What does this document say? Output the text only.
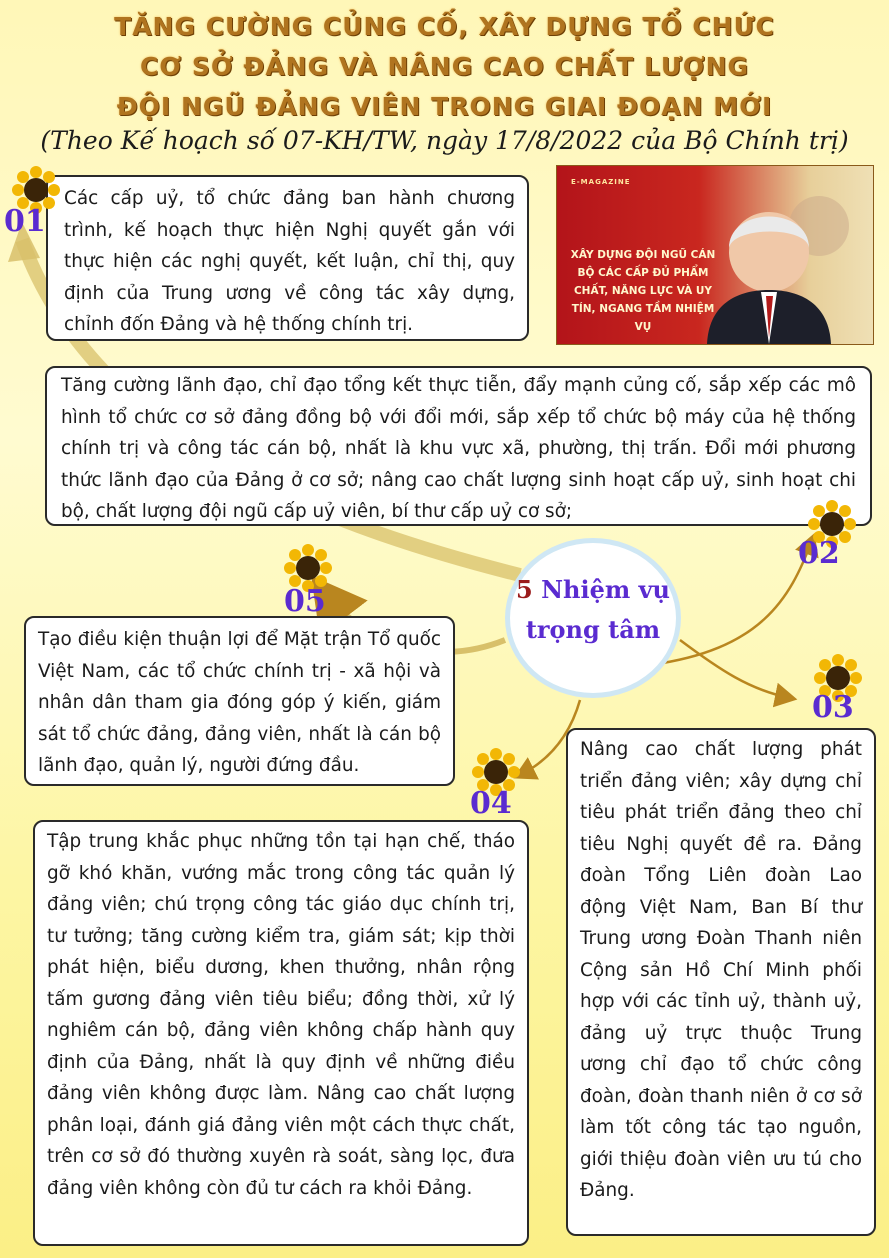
TĂNG CƯỜNG CỦNG CỐ, XÂY DỰNG TỔ CHỨC
CƠ SỞ ĐẢNG VÀ NÂNG CAO CHẤT LƯỢNG
ĐỘI NGŨ ĐẢNG VIÊN TRONG GIAI ĐOẠN MỚI
(Theo Kế hoạch số 07-KH/TW, ngày 17/8/2022 của Bộ Chính trị)
E-MAGAZINE
XÂY DỰNG ĐỘI NGŨ CÁN BỘ CÁC CẤP ĐỦ PHẨM CHẤT, NĂNG LỰC VÀ UY TÍN, NGANG TẦM NHIỆM VỤ
Các cấp uỷ, tổ chức đảng ban hành chương trình, kế hoạch thực hiện Nghị quyết gắn với thực hiện các nghị quyết, kết luận, chỉ thị, quy định của Trung ương về công tác xây dựng, chỉnh đốn Đảng và hệ thống chính trị.
Tăng cường lãnh đạo, chỉ đạo tổng kết thực tiễn, đẩy mạnh củng cố, sắp xếp các mô hình tổ chức cơ sở đảng đồng bộ với đổi mới, sắp xếp tổ chức bộ máy của hệ thống chính trị và công tác cán bộ, nhất là khu vực xã, phường, thị trấn. Đổi mới phương thức lãnh đạo của Đảng ở cơ sở; nâng cao chất lượng sinh hoạt cấp uỷ, sinh hoạt chi bộ, chất lượng đội ngũ cấp uỷ viên, bí thư cấp uỷ cơ sở;
Tạo điều kiện thuận lợi để Mặt trận Tổ quốc Việt Nam, các tổ chức chính trị - xã hội và nhân dân tham gia đóng góp ý kiến, giám sát tổ chức đảng, đảng viên, nhất là cán bộ lãnh đạo, quản lý, người đứng đầu.
Nâng cao chất lượng phát triển đảng viên; xây dựng chỉ tiêu phát triển đảng theo chỉ tiêu Nghị quyết đề ra. Đảng đoàn Tổng Liên đoàn Lao động Việt Nam, Ban Bí thư Trung ương Đoàn Thanh niên Cộng sản Hồ Chí Minh phối hợp với các tỉnh uỷ, thành uỷ, đảng uỷ trực thuộc Trung ương chỉ đạo tổ chức công đoàn, đoàn thanh niên ở cơ sở làm tốt công tác tạo nguồn, giới thiệu đoàn viên ưu tú cho Đảng.
Tập trung khắc phục những tồn tại hạn chế, tháo gỡ khó khăn, vướng mắc trong công tác quản lý đảng viên; chú trọng công tác giáo dục chính trị, tư tưởng; tăng cường kiểm tra, giám sát; kịp thời phát hiện, biểu dương, khen thưởng, nhân rộng tấm gương đảng viên tiêu biểu; đồng thời, xử lý nghiêm cán bộ, đảng viên không chấp hành quy định của Đảng, nhất là quy định về những điều đảng viên không được làm. Nâng cao chất lượng phân loại, đánh giá đảng viên một cách thực chất, trên cơ sở đó thường xuyên rà soát, sàng lọc, đưa đảng viên không còn đủ tư cách ra khỏi Đảng.
5 Nhiệm vụ trọng tâm
01
02
03
04
05
